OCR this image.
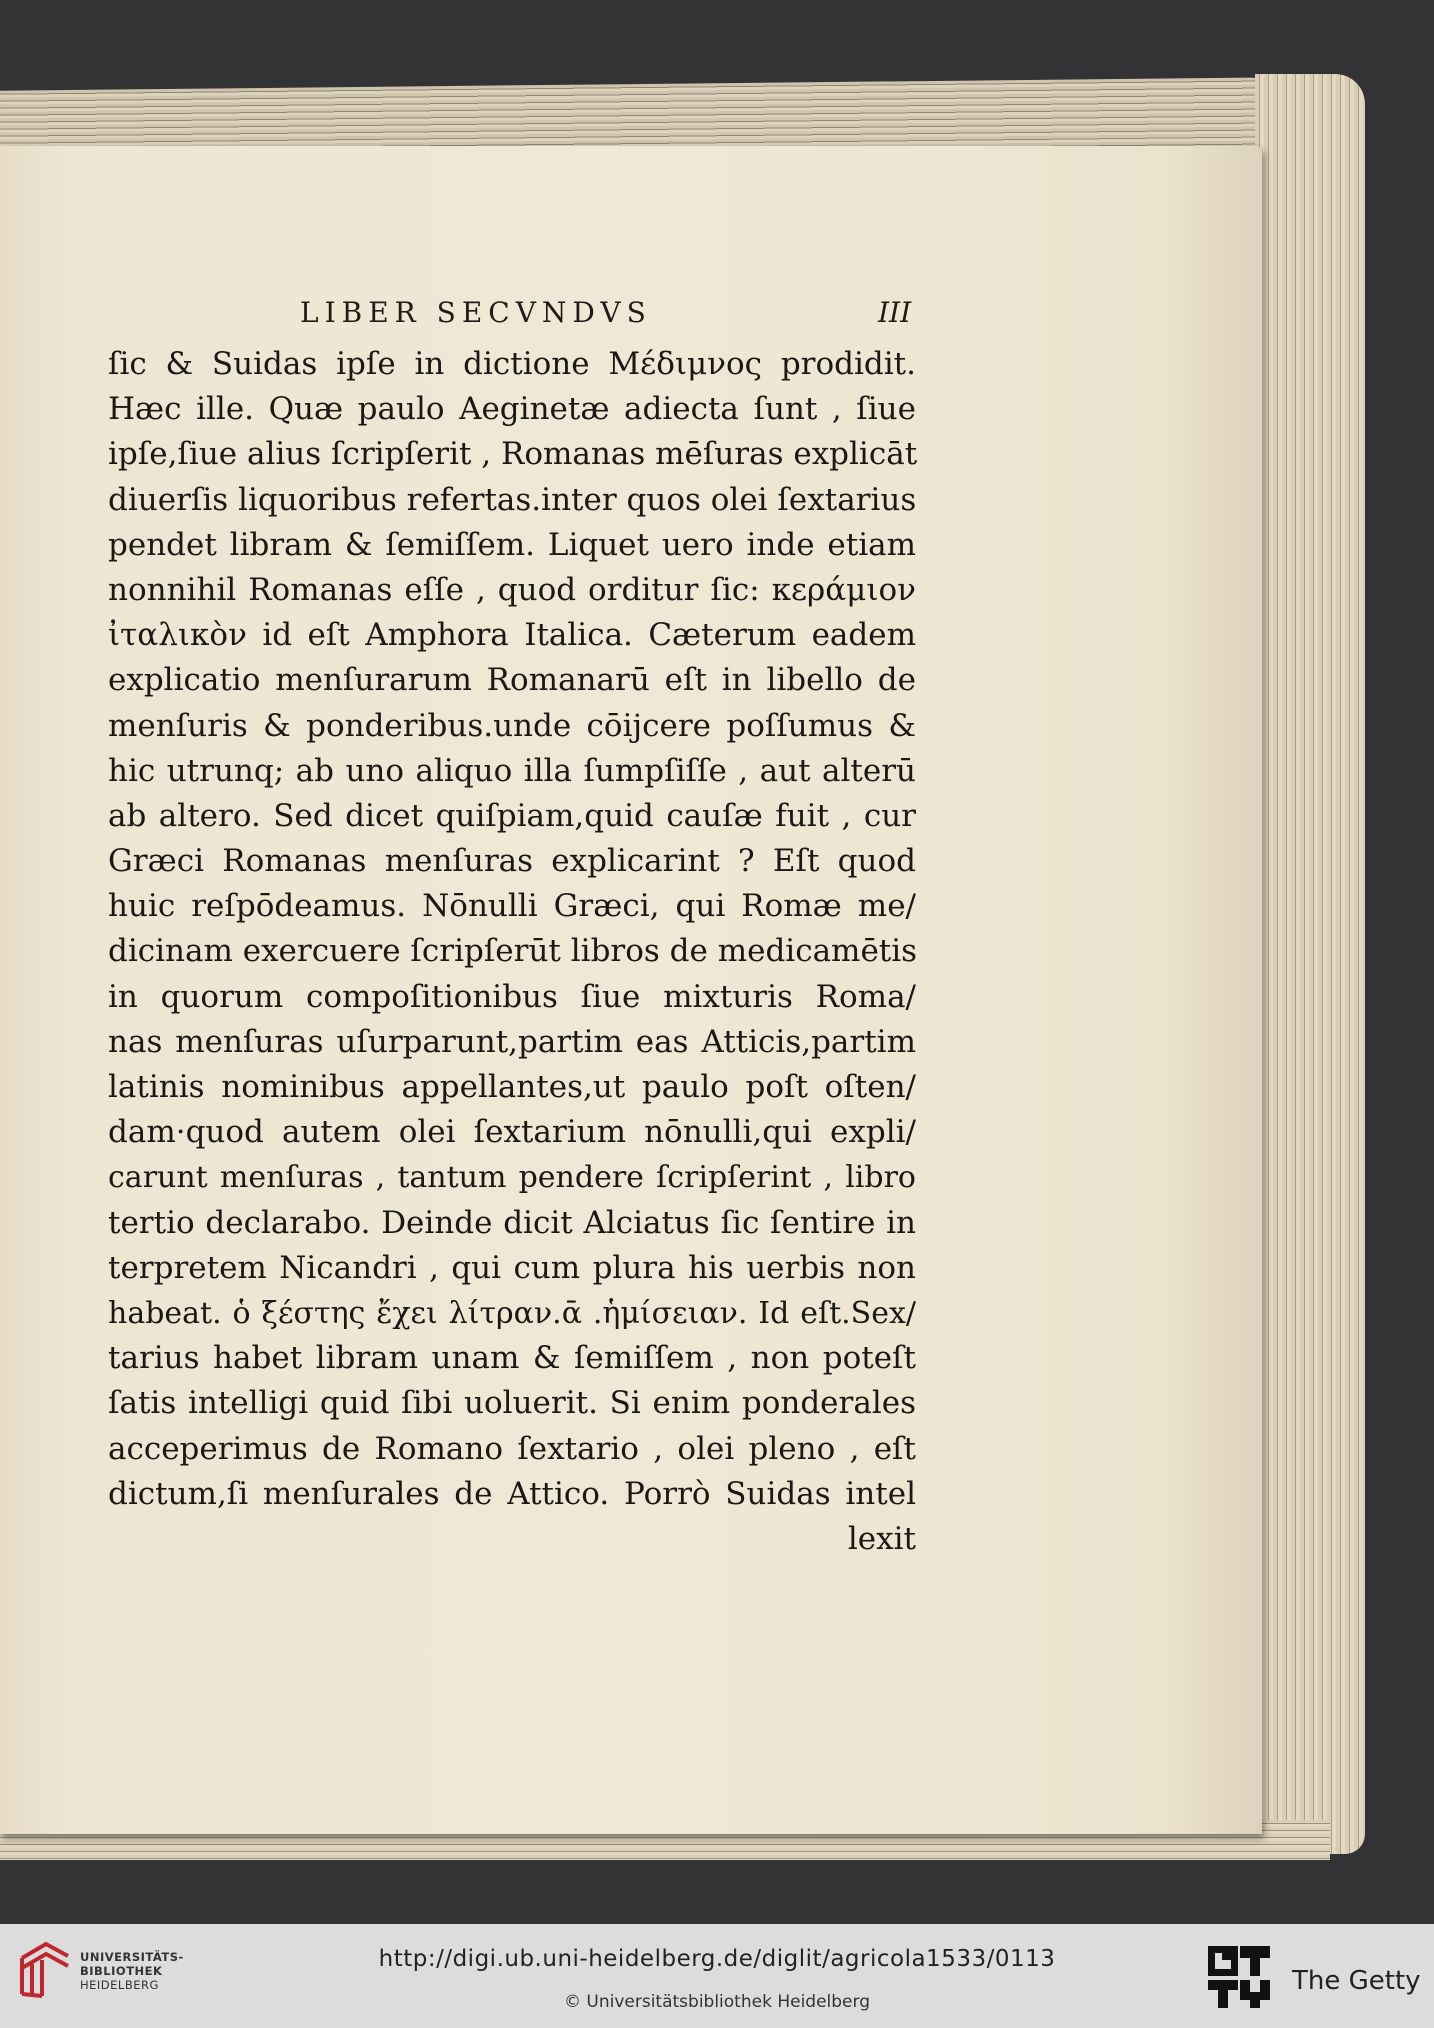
LIBER SECVNDVS	III
ſic & Suidas ipſe in dictione Μέδιμνος prodidit.
Hæc ille. Quæ paulo Aeginetæ adiecta ſunt , ſiue
ipſe,ſiue alius ſcripſerit , Romanas mēſuras explicāt
diuerſis liquoribus refertas.inter quos olei ſextarius
pendet libram & ſemiſſem. Liquet uero inde etiam
nonnihil Romanas eſſe , quod orditur ſic: κεράμιον
ἰταλικὸν id eſt Amphora Italica. Cæterum eadem
explicatio menſurarum Romanarū eſt in libello de
menſuris & ponderibus.unde cōijcere poſſumus &
hic utrunq; ab uno aliquo illa ſumpſiſſe , aut alterū
ab altero. Sed dicet quiſpiam,quid cauſæ fuit , cur
Græci Romanas menſuras explicarint ? Eſt quod
huic reſpōdeamus. Nōnulli Græci, qui Romæ me/
dicinam exercuere ſcripſerūt libros de medicamētis
in quorum compoſitionibus ſiue mixturis Roma/
nas menſuras uſurparunt,partim eas Atticis,partim
latinis nominibus appellantes,ut paulo poſt oſten/
dam·quod autem olei ſextarium nōnulli,qui expli/
carunt menſuras , tantum pendere ſcripſerint , libro
tertio declarabo. Deinde dicit Alciatus ſic ſentire in
terpretem Nicandri , qui cum plura his uerbis non
habeat. ὁ ξέστης ἔχει λίτραν.ᾱ .ἡμίσειαν. Id eſt.Sex/
tarius habet libram unam & ſemiſſem , non poteſt
ſatis intelligi quid ſibi uoluerit. Si enim ponderales
acceperimus de Romano ſextario , olei pleno , eſt
dictum,ſi menſurales de Attico. Porrò Suidas intel
lexit
UNIVERSITÄTS-
BIBLIOTHEK
HEIDELBERG
http://digi.ub.uni-heidelberg.de/diglit/agricola1533/0113
© Universitätsbibliothek Heidelberg
The Getty
